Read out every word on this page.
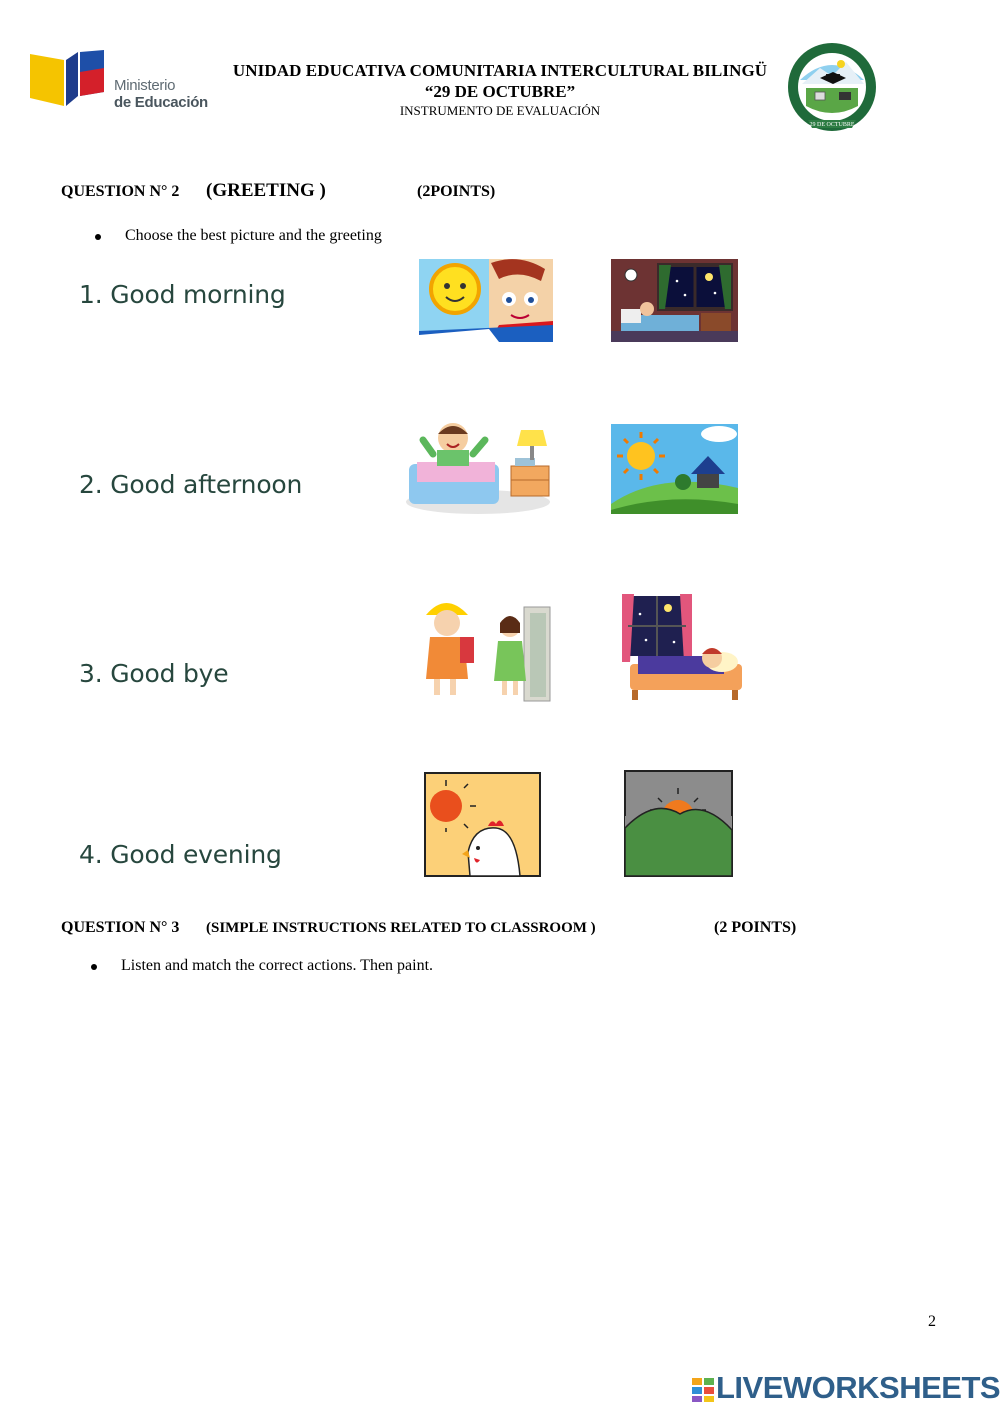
Ministerio
de Educación
UNIDAD EDUCATIVA COMUNITARIA INTERCULTURAL BILINGÜ
“29 DE OCTUBRE”
INSTRUMENTO DE EVALUACIÓN
29 DE OCTUBRE
QUESTION N° 2 (GREETING )	(2POINTS)
Choose the best picture and the greeting
1. Good morning
2. Good afternoon
3. Good bye
4. Good evening
QUESTION N° 3 (SIMPLE INSTRUCTIONS RELATED TO CLASSROOM )	(2 POINTS)
Listen and match the correct actions. Then paint.
2
LIVEWORKSHEETS
